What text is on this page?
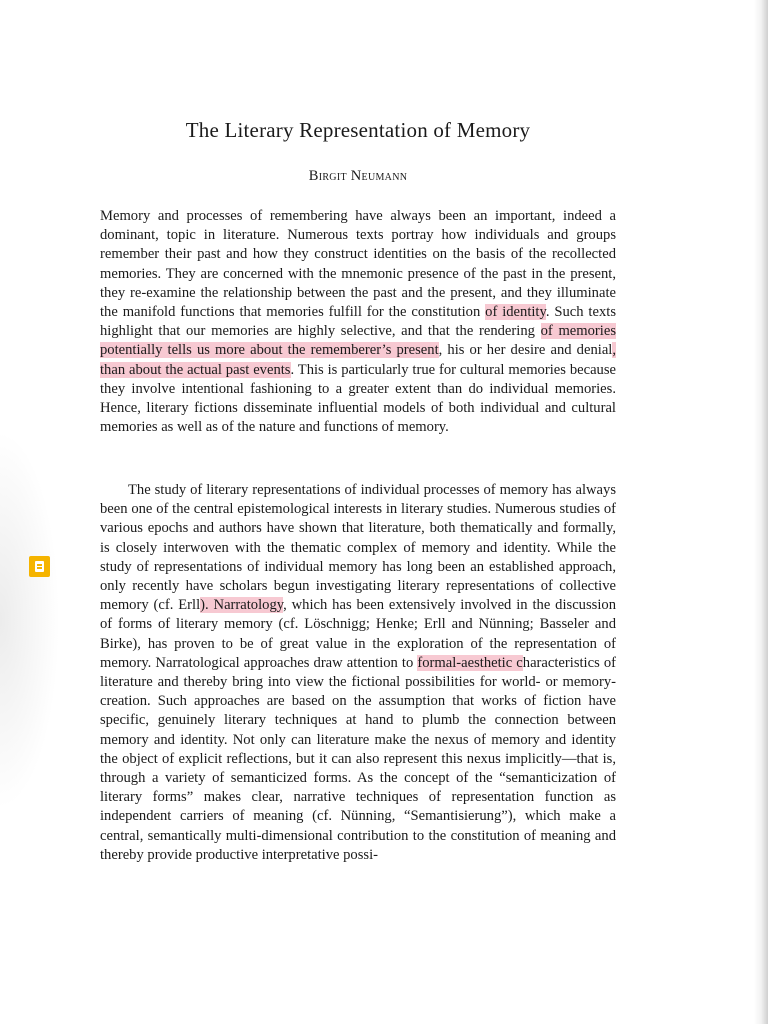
The Literary Representation of Memory
Birgit Neumann
Memory and processes of remembering have always been an important, indeed a dominant, topic in literature. Numerous texts portray how individuals and groups remember their past and how they construct identities on the basis of the recollected memories. They are concerned with the mnemonic presence of the past in the present, they re-examine the relationship between the past and the present, and they illuminate the manifold functions that memories fulfill for the constitution of identity. Such texts highlight that our memories are highly selective, and that the rendering of memories potentially tells us more about the rememberer’s present, his or her desire and denial, than about the actual past events. This is particularly true for cultural memories because they involve intentional fashioning to a greater extent than do individual memories. Hence, literary fictions disseminate influential models of both individual and cultural memories as well as of the nature and functions of memory.
The study of literary representations of individual processes of memory has always been one of the central epistemological interests in literary studies. Numerous studies of various epochs and authors have shown that literature, both thematically and formally, is closely interwoven with the thematic complex of memory and identity. While the study of representations of individual memory has long been an established approach, only recently have scholars begun investigating literary representations of collective memory (cf. Erll). Narratology, which has been extensively involved in the discussion of forms of literary memory (cf. Löschnigg; Henke; Erll and Nünning; Basseler and Birke), has proven to be of great value in the exploration of the representation of memory. Narratological approaches draw attention to formal-aesthetic characteristics of literature and thereby bring into view the fictional possibilities for world- or memory-creation. Such approaches are based on the assumption that works of fiction have specific, genuinely literary techniques at hand to plumb the connection between memory and identity. Not only can literature make the nexus of memory and identity the object of explicit reflections, but it can also represent this nexus implicitly—that is, through a variety of semanticized forms. As the concept of the “semanticization of literary forms” makes clear, narrative techniques of representation function as independent carriers of meaning (cf. Nünning, “Semantisierung”), which make a central, semantically multi-dimensional contribution to the constitution of meaning and thereby provide productive interpretative possi-
